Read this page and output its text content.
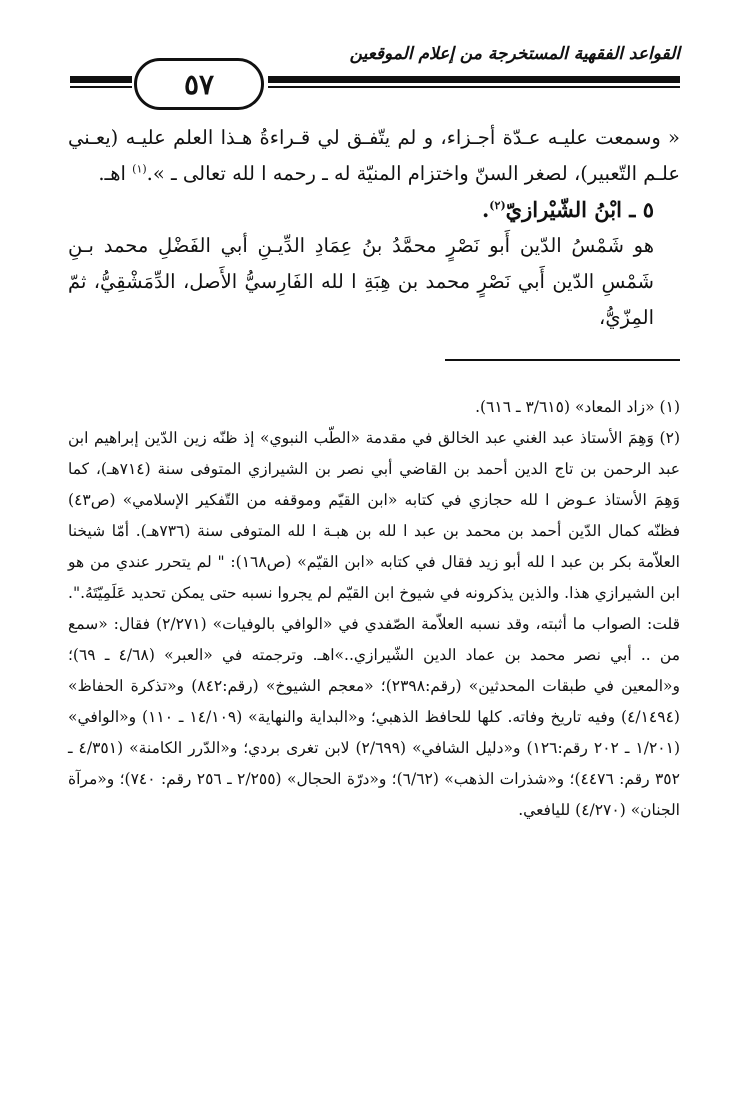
القواعد الفقهية المستخرجة من إعلام الموقعين
٥٧

« وسمعت عليـه عـدّة أجـزاء، و لم يتّفـق لي قـراءةُ هـذا العلم عليـه (يعـني علـم التّعبير)، لصغر السنّ واختزام المنيّة له ـ رحمه ا لله تعالى ـ ».$^{(١)}$ اهـ.

٥ ـ ابْنُ الشّيْرازيّ$^{(٢)}$.

هو شَمْسُ الدّين أَبو نَصْرٍ محمَّدُ بنُ عِمَادِ الدِّيـنِ أبي الفَضْلِ محمد بـنِ شَمْسِ الدّين أَبي نَصْرٍ محمد بن هِبَةِ ا لله الفَارِسيُّ الأَصل، الدِّمَشْقِيُّ، ثمّ المِزّيُّ،

(١) «زاد المعاد» (٣/٦١٥ ـ ٦١٦).

(٢) وَهِمَ الأستاذ عبد الغني عبد الخالق في مقدمة «الطّب النبوي» إذ ظنّه زين الدّين إبراهيم ابن عبد الرحمن بن تاج الدين أحمد بن القاضي أبي نصر بن الشيرازي المتوفى سنة (٧١٤هـ)، كما وَهِمَ الأستاذ عـوض ا لله حجازي في كتابه «ابن القيّم وموقفه من التّفكير الإسلامي» (ص٤٣) فظنّه كمال الدّين أحمد بن محمد بن عبد ا لله بن هبـة ا لله المتوفى سنة (٧٣٦هـ). أمّا شيخنا العلاّمة بكر بن عبد ا لله أبو زيد فقال في كتابه «ابن القيّم» (ص١٦٨): " لم يتحرر عندي من هو ابن الشيرازي هذا. والذين يذكرونه في شيوخ ابن القيّم لم يجروا نسبه حتى يمكن تحديد عَلَمِيّتَهُ.".

قلت: الصواب ما أثبته، وقد نسبه العلاّمة الصّفدي في «الوافي بالوفيات» (٢/٢٧١) فقال: «سمع من .. أبي نصر محمد بن عماد الدين الشّيرازي..»اهـ. وترجمته في «العبر» (٤/٦٨ ـ ٦٩)؛ و«المعين في طبقات المحدثين» (رقم:٢٣٩٨)؛ «معجم الشيوخ» (رقم:٨٤٢) و«تذكرة الحفاظ» (٤/١٤٩٤) وفيه تاريخ وفاته. كلها للحافظ الذهبي؛ و«البداية والنهاية» (١٤/١٠٩ ـ ١١٠) و«الوافي» (١/٢٠١ ـ ٢٠٢ رقم:١٢٦) و«دليل الشافي» (٢/٦٩٩) لابن تغرى بردي؛ و«الدّرر الكامنة» (٤/٣٥١ ـ ٣٥٢ رقم: ٤٤٧٦)؛ و«شذرات الذهب» (٦/٦٢)؛ و«درّة الحجال» (٢/٢٥٥ ـ ٢٥٦ رقم: ٧٤٠)؛ و«مرآة الجنان» (٤/٢٧٠) لليافعي.
